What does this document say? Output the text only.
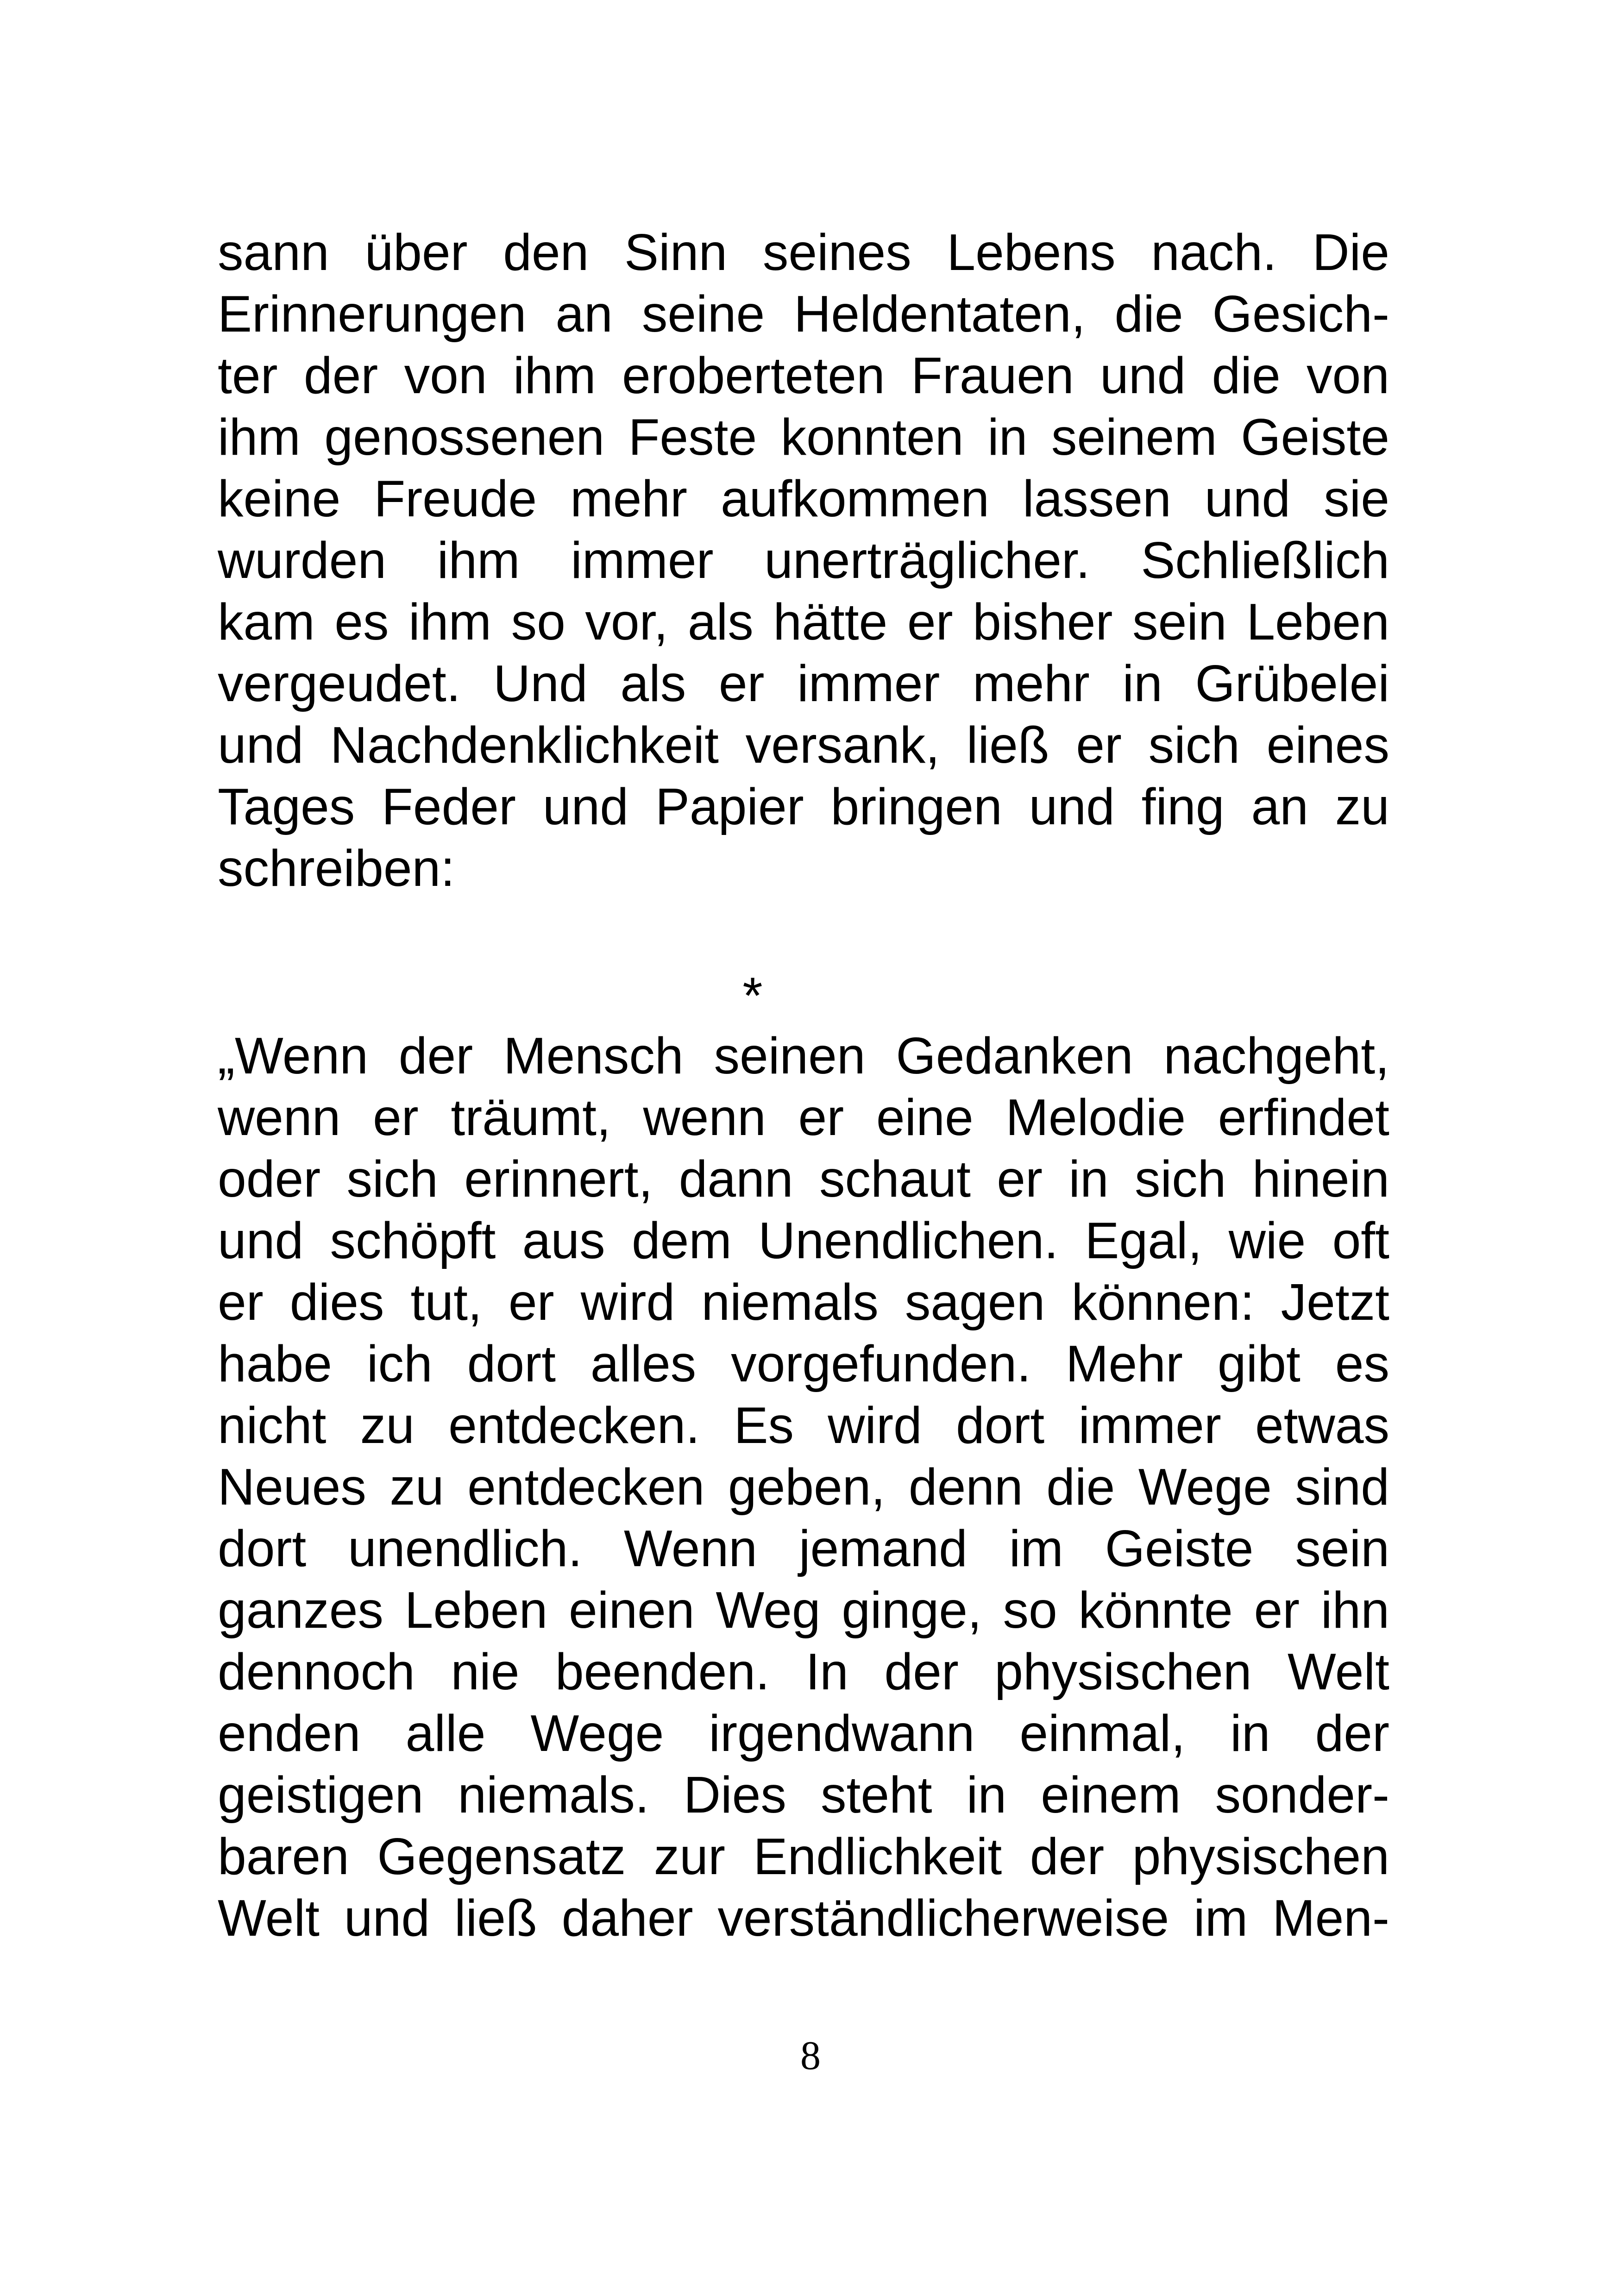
sann über den Sinn seines Lebens nach. Die
Erinnerungen an seine Heldentaten, die Gesich-
ter der von ihm eroberteten Frauen und die von
ihm genossenen Feste konnten in seinem Geiste
keine Freude mehr aufkommen lassen und sie
wurden ihm immer unerträglicher. Schließlich
kam es ihm so vor, als hätte er bisher sein Leben
vergeudet. Und als er immer mehr in Grübelei
und Nachdenklichkeit versank, ließ er sich eines
Tages Feder und Papier bringen und fing an zu
schreiben:
*
„Wenn der Mensch seinen Gedanken nachgeht,
wenn er träumt, wenn er eine Melodie erfindet
oder sich erinnert, dann schaut er in sich hinein
und schöpft aus dem Unendlichen. Egal, wie oft
er dies tut, er wird niemals sagen können: Jetzt
habe ich dort alles vorgefunden. Mehr gibt es
nicht zu entdecken. Es wird dort immer etwas
Neues zu entdecken geben, denn die Wege sind
dort unendlich. Wenn jemand im Geiste sein
ganzes Leben einen Weg ginge, so könnte er ihn
dennoch nie beenden. In der physischen Welt
enden alle Wege irgendwann einmal, in der
geistigen niemals. Dies steht in einem sonder-
baren Gegensatz zur Endlichkeit der physischen
Welt und ließ daher verständlicherweise im Men-
8
